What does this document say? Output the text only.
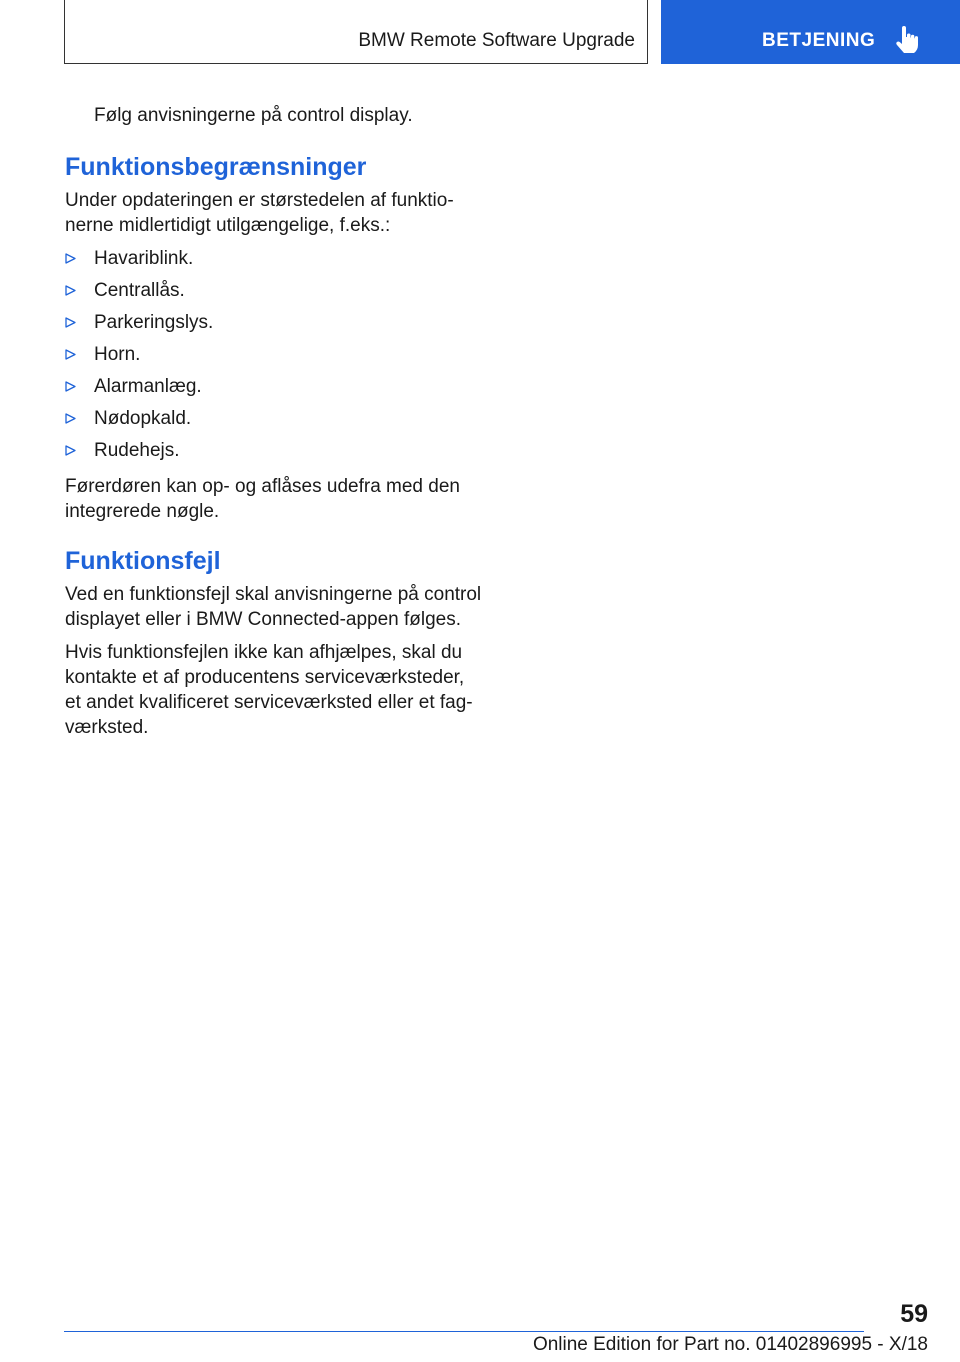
BMW Remote Software Upgrade	BETJENING

Følg anvisningerne på control display.

Funktionsbegrænsninger

Under opdateringen er størstedelen af funktionerne midlertidigt utilgængelige, f.eks.:

Havariblink.
Centrallås.
Parkeringslys.
Horn.
Alarmanlæg.
Nødopkald.
Rudehejs.

Førerdøren kan op- og aflåses udefra med den integrerede nøgle.

Funktionsfejl

Ved en funktionsfejl skal anvisningerne på control displayet eller i BMW Connected-appen følges.

Hvis funktionsfejlen ikke kan afhjælpes, skal du kontakte et af producentens serviceværksteder, et andet kvalificeret serviceværksted eller et fagværksted.

59
Online Edition for Part no. 01402896995 - X/18
